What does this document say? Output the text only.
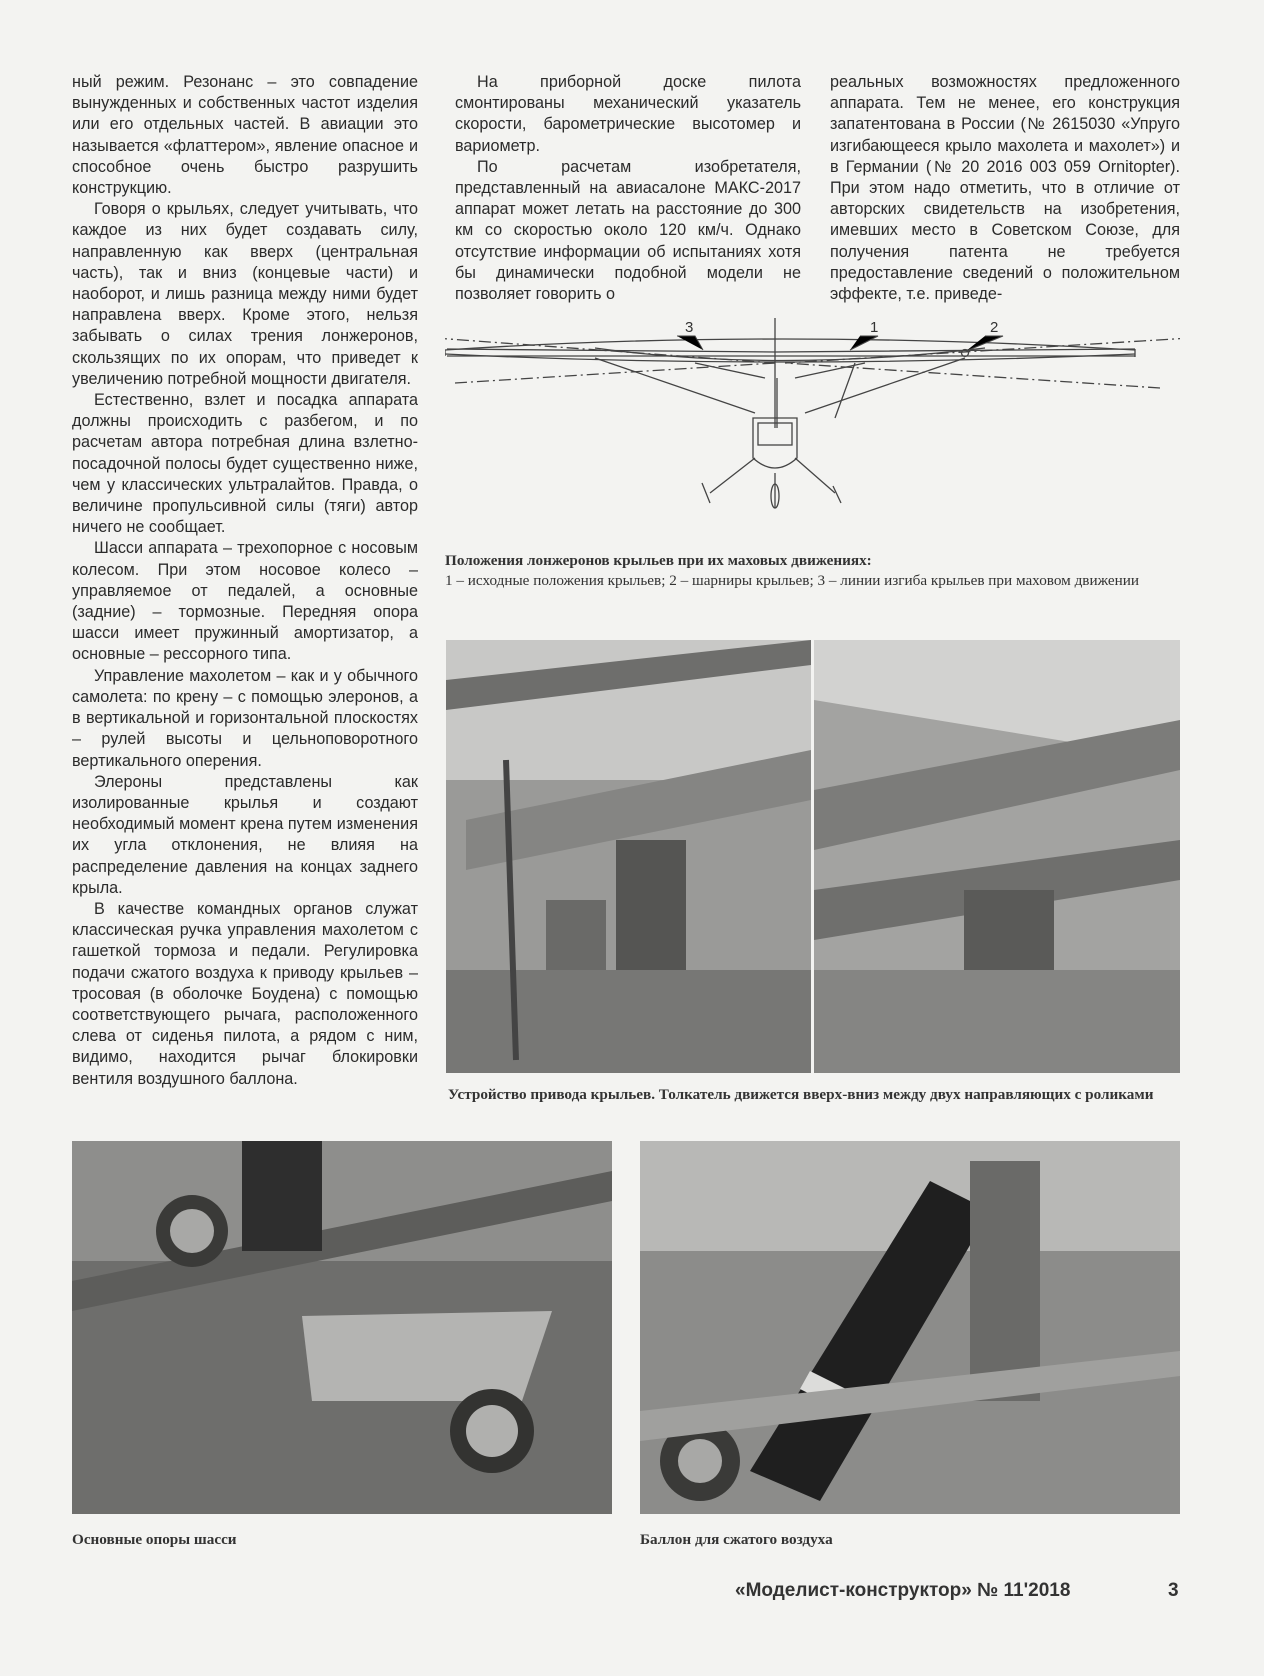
ный режим. Резонанс – это совпадение вынужденных и собственных частот изделия или его отдельных частей. В авиации это называется «флаттером», явление опасное и способное очень быстро разрушить конструкцию.

Говоря о крыльях, следует учитывать, что каждое из них будет создавать силу, направленную как вверх (центральная часть), так и вниз (концевые части) и наоборот, и лишь разница между ними будет направлена вверх. Кроме этого, нельзя забывать о силах трения лонжеронов, скользящих по их опорам, что приведет к увеличению потребной мощности двигателя.

Естественно, взлет и посадка аппарата должны происходить с разбегом, и по расчетам автора потребная длина взлетно-посадочной полосы будет существенно ниже, чем у классических ультралайтов. Правда, о величине пропульсивной силы (тяги) автор ничего не сообщает.

Шасси аппарата – трехопорное с носовым колесом. При этом носовое колесо – управляемое от педалей, а основные (задние) – тормозные. Передняя опора шасси имеет пружинный амортизатор, а основные – рессорного типа.

Управление махолетом – как и у обычного самолета: по крену – с помощью элеронов, а в вертикальной и горизонтальной плоскостях – рулей высоты и цельноповоротного вертикального оперения.

Элероны представлены как изолированные крылья и создают необходимый момент крена путем изменения их угла отклонения, не влияя на распределение давления на концах заднего крыла.

В качестве командных органов служат классическая ручка управления махолетом с гашеткой тормоза и педали. Регулировка подачи сжатого воздуха к приводу крыльев – тросовая (в оболочке Боудена) с помощью соответствующего рычага, расположенного слева от сиденья пилота, а рядом с ним, видимо, находится рычаг блокировки вентиля воздушного баллона.

На приборной доске пилота смонтированы механический указатель скорости, барометрические высотомер и вариометр.

По расчетам изобретателя, представленный на авиасалоне МАКС-2017 аппарат может летать на расстояние до 300 км со скоростью около 120 км/ч. Однако отсутствие информации об испытаниях хотя бы динамически подобной модели не позволяет говорить о

реальных возможностях предложенного аппарата. Тем не менее, его конструкция запатентована в России (№ 2615030 «Упруго изгибающееся крыло махолета и махолет») и в Германии (№ 20 2016 003 059 Ornitopter). При этом надо отметить, что в отличие от авторских свидетельств на изобретения, имевших место в Советском Союзе, для получения патента не требуется предоставление сведений о положительном эффекте, т.е. приведе-

3	1	2
Положения лонжеронов крыльев при их маховых движениях:
1 – исходные положения крыльев; 2 – шарниры крыльев; 3 – линии изгиба крыльев при маховом движении
Устройство привода крыльев. Толкатель движется вверх-вниз между двух направляющих с роликами
Основные опоры шасси	Баллон для сжатого воздуха
«Моделист-конструктор» № 11'2018	3
